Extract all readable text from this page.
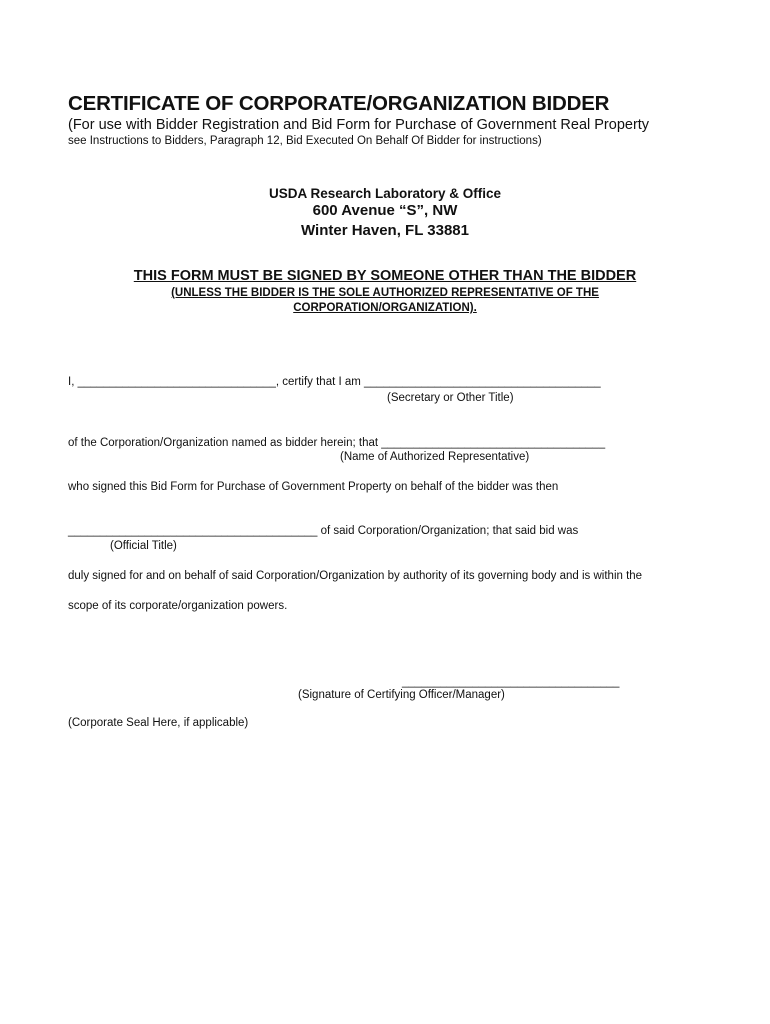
CERTIFICATE OF CORPORATE/ORGANIZATION BIDDER
(For use with Bidder Registration and Bid Form for Purchase of Government Real Property
see Instructions to Bidders, Paragraph 12, Bid Executed On Behalf Of Bidder for instructions)
USDA Research Laboratory & Office
600 Avenue “S”, NW
Winter Haven, FL 33881
THIS FORM MUST BE SIGNED BY SOMEONE OTHER THAN THE BIDDER
(UNLESS THE BIDDER IS THE SOLE AUTHORIZED REPRESENTATIVE OF THE CORPORATION/ORGANIZATION).
I, _______________________________, certify that I am _____________________________________
(Secretary or Other Title)
of the Corporation/Organization named as bidder herein; that ___________________________________
(Name of Authorized Representative)
who signed this Bid Form for Purchase of Government Property on behalf of the bidder was then
_______________________________________ of said Corporation/Organization; that said bid was
(Official Title)
duly signed for and on behalf of said Corporation/Organization by authority of its governing body and is within the
scope of its corporate/organization powers.
__________________________________
(Signature of Certifying Officer/Manager)
(Corporate Seal Here, if applicable)
